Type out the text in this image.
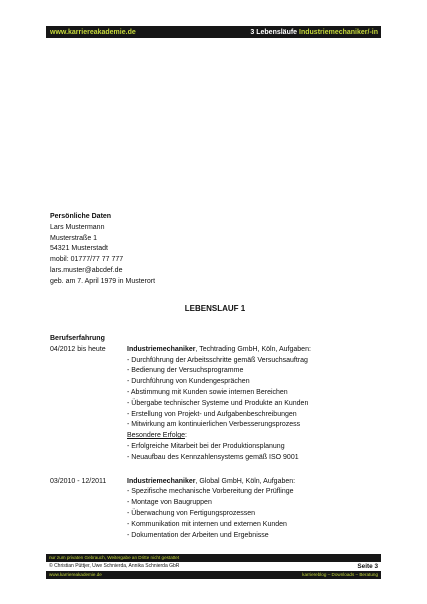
www.karriereakademie.de	3 Lebensläufe Industriemechaniker/-in
Persönliche Daten
Lars Mustermann
Musterstraße 1
54321 Musterstadt
mobil: 01777/77 77 777
lars.muster@abcdef.de
geb. am 7. April 1979 in Musterort
LEBENSLAUF 1
Berufserfahrung
04/2012 bis heute	Industriemechaniker, Techtrading GmbH, Köln, Aufgaben:
- Durchführung der Arbeitsschritte gemäß Versuchsauftrag
- Bedienung der Versuchsprogramme
- Durchführung von Kundengesprächen
- Abstimmung mit Kunden sowie internen Bereichen
- Übergabe technischer Systeme und Produkte an Kunden
- Erstellung von Projekt- und Aufgabenbeschreibungen
- Mitwirkung am kontinuierlichen Verbesserungsprozess
Besondere Erfolge:
- Erfolgreiche Mitarbeit bei der Produktionsplanung
- Neuaufbau des Kennzahlensystems gemäß ISO 9001
03/2010 - 12/2011	Industriemechaniker, Global GmbH, Köln, Aufgaben:
- Spezifische mechanische Vorbereitung der Prüflinge
- Montage von Baugruppen
- Überwachung von Fertigungsprozessen
- Kommunikation mit internen und externen Kunden
- Dokumentation der Arbeiten und Ergebnisse
nur zum privaten Gebrauch, Weitergabe an Dritte nicht gestattet
© Christian Püttjer, Uwe Schnierda, Annika Schnierda GbR	Seite 3
www.karriereakademie.de	karriereblog – Downloads – Beratung
